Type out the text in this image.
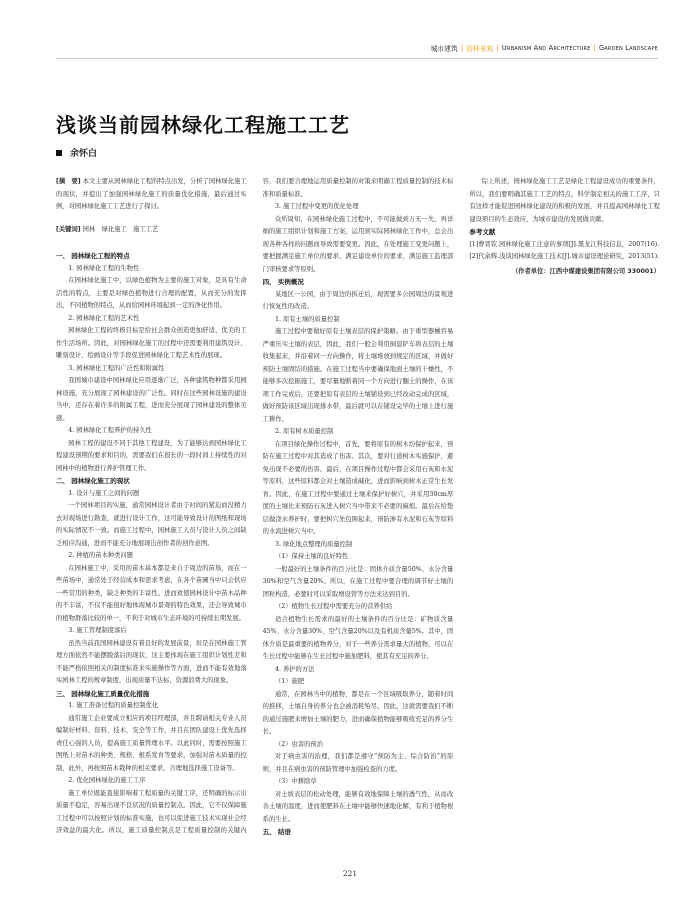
城市建筑 | 园林景观 | Urbanism And Architecture | Garden Landscape
浅谈当前园林绿化工程施工工艺
余怀白

[摘　要] 本文主要从园林绿化工程的特点出发，分析了园林绿化施工的现状，并提出了加强园林绿化施工的质量优化措施，最后通过实例，对园林绿化施工工艺进行了探讨。

[关键词] 园林　绿化施工　施工工艺

一、 园林绿化工程的特点

1. 园林绿化工程的生物性

在园林绿化施工中，以绿色植物为主要的施工对象，是具有生命活性的特点，主要是对绿色植物进行合理的配置，从而充分的发挥出，不同植物的特点，从而给园林环境起到一定的净化作用。

2. 园林绿化工程的艺术性

园林绿化工程的终极目标是给社会群众创造更加舒适、优美的工作生活场所。因此，对园林绿化施工的过程中还需要利用建筑设计、雕刻设计、绘画设计等手段促进园林绿化工程艺术性的展现。

3. 园林绿化工程的广泛性和附属性

我国城市建设中园林绿化应用逐渐广泛，各种建筑物种都采用园林设施，充分展现了园林建设的广泛性。同时在这些园林设施的建设当中，还存在着许多的附属工程，进而充分展现了园林建设的整体美感。

4. 园林绿化工程养护的持久性

园林工程的建设不同于其他工程建设，为了能够达到园林绿化工程建设预期的要求和目的，需要我们在很长的一段时间上持续性的对园林中的植物进行养护管理工作。

二、 园林绿化施工的现状

1. 设计与施工之间的问题

一个园林项目的实施，通常园林设计者由于时间的紧迫而没精力去对现场进行勘查，就进行设计工作，这可能导致设计的图纸和现场的实际情况不一致。而施工过程中，园林施工人员与设计人员之间缺乏相应沟通，进而不能充分地展现出创作者的创作意图。

2. 种植的苗木种类问题

在园林施工中，采用的苗木基本都是来自于周边的苗场，而在一些苗场中，通常处于经营成本和需求考虑，在各个苗圃当中只会供应一些常用的种类，缺乏种类的丰富性。进而致使园林设计中苗木品种的不丰富，不仅不能很好地体现城市景观的特色效果，还会导致城市的植物群落比较的单一，不利于对城市生态环境的可持续长期发展。

3. 施工管理制度落后

虽然当前我国园林建设有着良好的发展前景，但是在园林施工管理方面依然不能摆脱落后的现状，这主要体现在施工组织计划性差和不能严格依照相关的制度标准来实施操作等方面，进而不能有效地落实园林工程的规章制度，出现质量不达标，资源浪费大的现象。

三、 园林绿化施工质量优化措施

1. 施工准备过程的质量控制优化

通常施工企业要成立相应的项目经理部，并且聘请相关专业人员编制好材料、资料、技术、安全等工作，并且在团队建设上优先选择责任心强的人员，提高施工质量管理水平。以此同时，需要按照施工图纸上对苗木的种类、规格、根系发育等要求，加强对苗木质量的控制，此外，再按照苗木栽种的相关要求，合理地选择施工设备等。

2. 优化园林绿化的施工工序

施工单位既能直接影响着工程质量的关键工序，还明确的标示出质量不稳定，容易出现不良状况的质量控制点。因此，它不仅保障施工过程中可以按照计划的标准实施，也可以促进施工技术实现社会经济效益的最大化。所以，施工质量控制点是工程质量控制的关键内容，我们要合理地运用质量控制的对策来明确工程质量控制的技术标准和质量标准。

3. 施工过程中变更的优化处理

众所周知，在园林绿化施工过程中，不可能做到万无一失，再详细的施工组织计划和施工方案，运用到实际园林绿化工作中，总会出现各种各样的问题而导致需要变更。因此，在处理施工变更问题上，要把握满足施工单位的要求、满足建设单位的要求、满足施工监理部门审核要求等原则。

四、 实例概况

某地区一公园，由于周边的拆迁后，现需要多公园周边的景观进行恢复性的改造。

1. 原有土壤的质量控制

施工过程中要做好原有土壤表层的保护策略。由于重型器械容易严重压实土壤的表层，因此，我们一般会利用倒退铲车将表层的土壤收集起来，并沿着同一方向操作，将土壤堆放到规定的区域，并做好预防土壤固结的措施。在施工过程当中要确保地面土壤的干燥性，不能够多次挖掘施工，要尽量地断着同一个方向进行翻土的操作，在该项工作完成后，还要把原有表层的土壤铺设到已经改动完成的区域，做好预防该区域出现排水带，最后就可以在铺设完毕的土壤上进行施工耕作。

2. 原有树木质量控制

在项目绿化操作过程中，首先，要将原有的树木均保护起来，预防在施工过程中对其造成了伤害。其次，要对行道树木实施保护，避免出现不必要的伤害。最后，在项目操作过程中都会采用石灰和水泥等原料，这些原料都会对土壤造成碱化，进而影响到树木正常生长发育。因此，在施工过程中要通过土壤来保护好树穴，并采用30cm厚度的土壤比来预防石灰进入树穴当中带来不必要的麻烦。最后在给垫层做浇水养护时，要把树穴先包围起来，预防渗有水泥和石灰等原料的水流进树穴当中。

3. 绿化地点整理的质量控制

（1）保持土壤的良好特性

一般最好的土壤条件的百分比是：固体介质含量50%、水分含量30%和空气含量20%。所以，在施工过程中要合理的调节好土壤的团粒构造，必要时可以采取增设管等方法来达到目的。

（2）植物生长过程中需要充分的营养供给

适合植物生长需求的最好的土壤条件的百分比是：矿物质含量45%、水分含量30%、空气含量20%以及有机质含量5%。其中，固体介质是最重要的植物养分，对于一些养分需求量大的植物，可以在生长过程中能够在生长过程中施加肥料，使其有充足的养分。

4. 养护的方法

（1）施肥

通常，在园林当中的植物，都是在一个区域吸取养分，随着时间的推移，土壤自身的养分也会被消耗殆尽，因此，这就需要我们不断的通过施肥来增加土壤的肥力，进而确保植物能够吸收充足的养分生长。

（2）虫害的预治

对于病虫害的治理，我们都是遵守“预防为主、综合防治”的原则，并且在病虫害的预防管理中加强检查的力度。

（3）中耕除草

对土坡表层的松动处理，能够有效地保障土壤的透气性，从而改善土壤的温度，进而使肥料在土壤中能够快速地化解，有利于植物根系的生长。

五、 结语

综上所述，园林绿化施工工艺是绿化工程建设成功的重要条件，所以，我们要明确其施工工艺的特点，科学制定相关的施工工序，只有这样才能促进园林绿化建设的积极的发展，并且提高园林绿化工程建设项目的生态效应，为城市建设的发展做贡献。

参考文献

[1]曹晋钦.园林绿化施工注意的事项[J].黑龙江科技信息，2007(16).

[2]代余辉.浅谈园林绿化施工技术[J].城市建设理论研究，2013(51).

（作者单位：江西中煤建设集团有限公司 330001）

221
